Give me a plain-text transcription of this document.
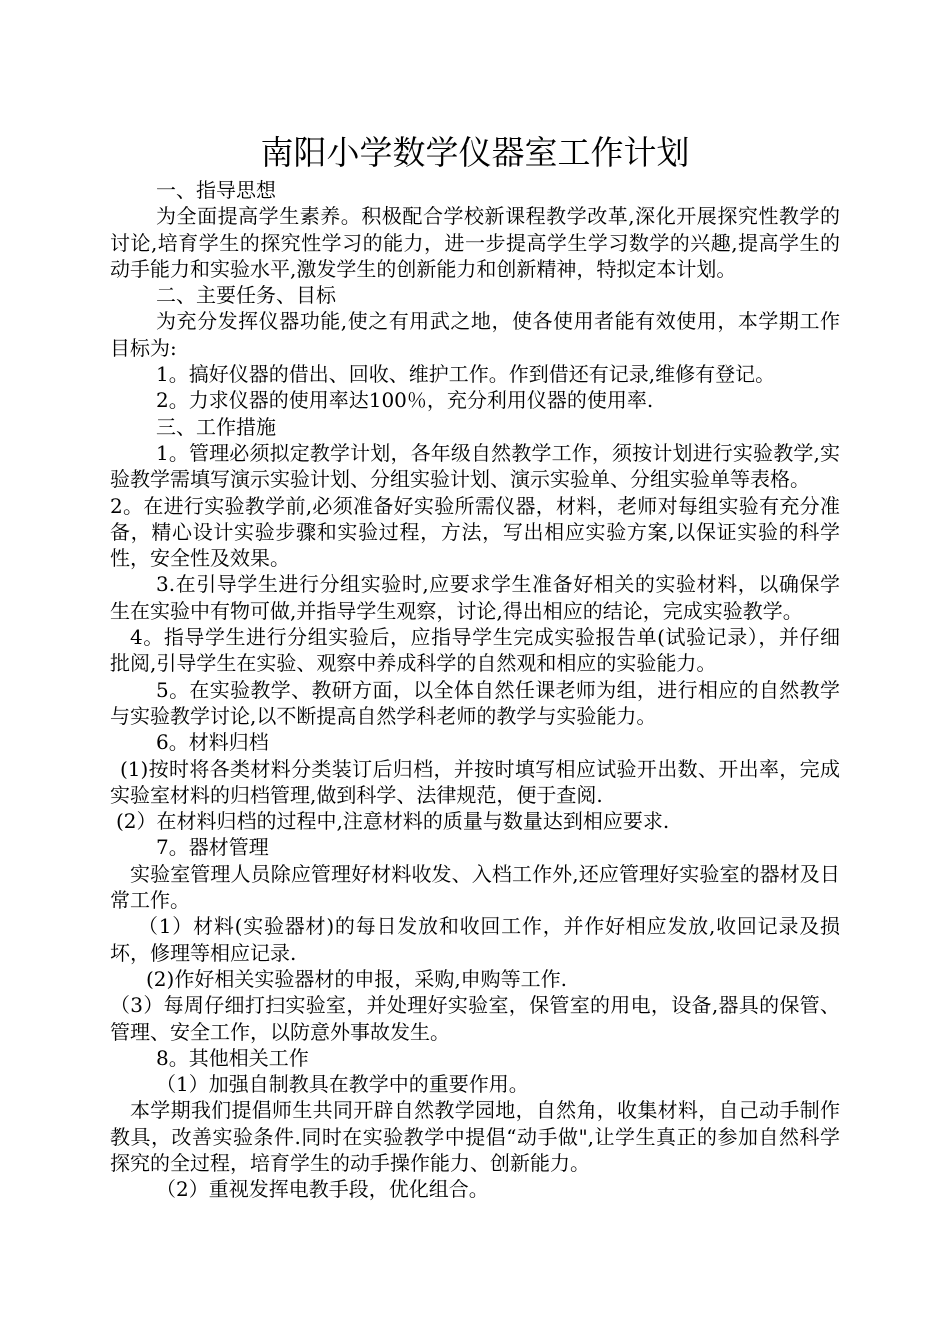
南阳小学数学仪器室工作计划

一、指导思想

为全面提高学生素养。积极配合学校新课程教学改革,深化开展探究性教学的讨论,培育学生的探究性学习的能力，进一步提高学生学习数学的兴趣,提高学生的动手能力和实验水平,激发学生的创新能力和创新精神，特拟定本计划。

二、主要任务、目标

为充分发挥仪器功能,使之有用武之地，使各使用者能有效使用，本学期工作目标为:

1。搞好仪器的借出、回收、维护工作。作到借还有记录,维修有登记。

2。力求仪器的使用率达100％，充分利用仪器的使用率.

三、工作措施

1。管理必须拟定教学计划，各年级自然教学工作，须按计划进行实验教学,实验教学需填写演示实验计划、分组实验计划、演示实验单、分组实验单等表格。

2。在进行实验教学前,必须准备好实验所需仪器，材料，老师对每组实验有充分准备，精心设计实验步骤和实验过程，方法，写出相应实验方案,以保证实验的科学性，安全性及效果。

3.在引导学生进行分组实验时,应要求学生准备好相关的实验材料，以确保学生在实验中有物可做,并指导学生观察，讨论,得出相应的结论，完成实验教学。

4。指导学生进行分组实验后，应指导学生完成实验报告单(试验记录），并仔细批阅,引导学生在实验、观察中养成科学的自然观和相应的实验能力。

5。在实验教学、教研方面，以全体自然任课老师为组，进行相应的自然教学与实验教学讨论,以不断提高自然学科老师的教学与实验能力。

6。材料归档

(1)按时将各类材料分类装订后归档，并按时填写相应试验开出数、开出率，完成实验室材料的归档管理,做到科学、法律规范，便于查阅.

(2）在材料归档的过程中,注意材料的质量与数量达到相应要求.

7。器材管理

实验室管理人员除应管理好材料收发、入档工作外,还应管理好实验室的器材及日常工作。

（1）材料(实验器材)的每日发放和收回工作，并作好相应发放,收回记录及损坏，修理等相应记录.

(2)作好相关实验器材的申报，采购,申购等工作.

（3）每周仔细打扫实验室，并处理好实验室，保管室的用电，设备,器具的保管、管理、安全工作，以防意外事故发生。

8。其他相关工作

（1）加强自制教具在教学中的重要作用。

本学期我们提倡师生共同开辟自然教学园地，自然角，收集材料，自己动手制作教具，改善实验条件.同时在实验教学中提倡“动手做",让学生真正的参加自然科学探究的全过程，培育学生的动手操作能力、创新能力。

（2）重视发挥电教手段，优化组合。
